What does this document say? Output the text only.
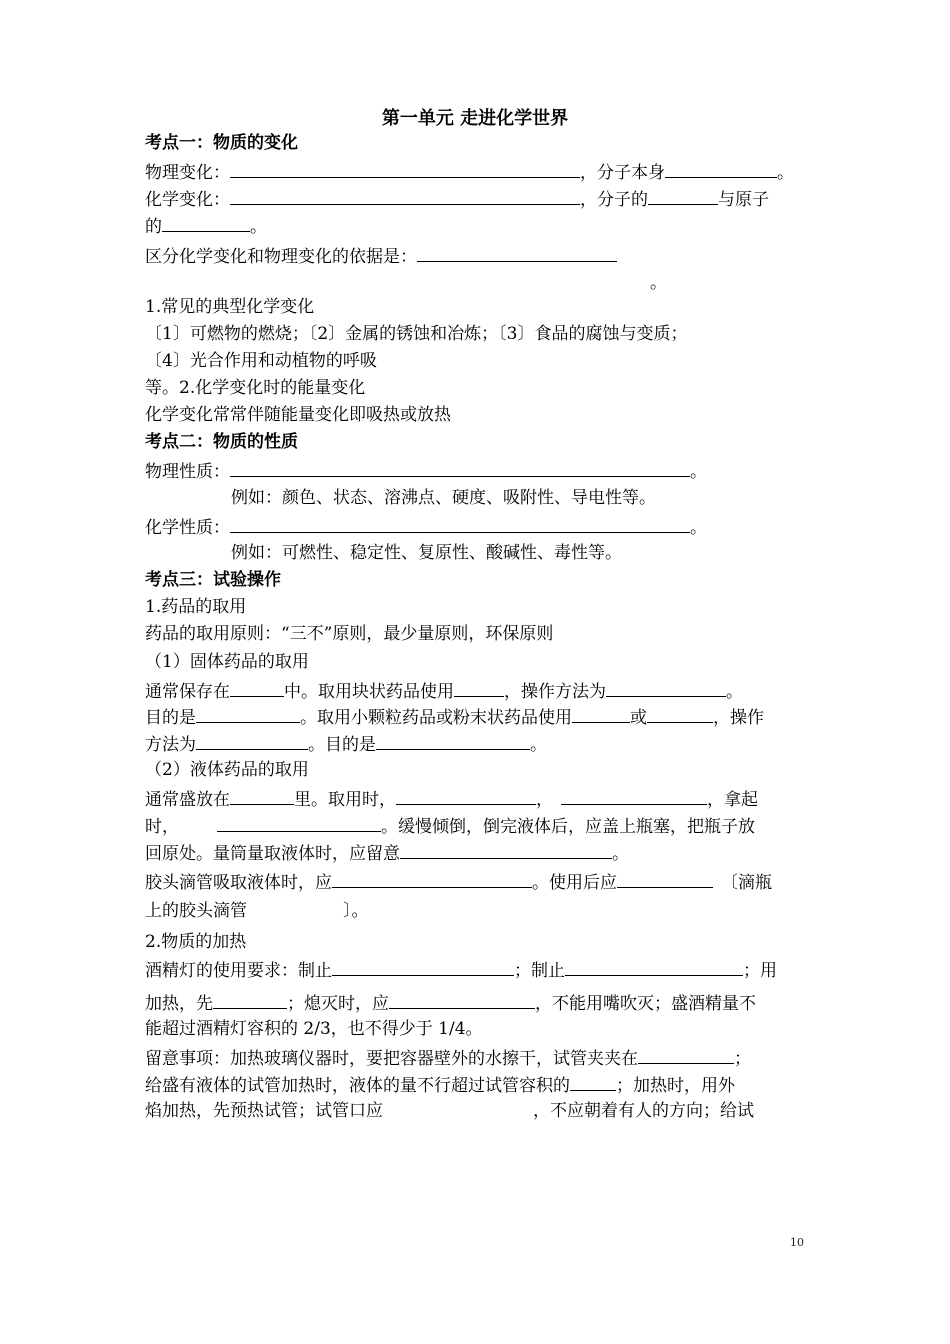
第一单元 走进化学世界
考点一：物质的变化
物理变化：	，分子本身	。
化学变化：	，分子的	与原子
的	。
区分化学变化和物理变化的依据是：
。
1.常见的典型化学变化
〔1〕可燃物的燃烧；〔2〕金属的锈蚀和冶炼；〔3〕食品的腐蚀与变质；
〔4〕光合作用和动植物的呼吸
等。2.化学变化时的能量变化
化学变化常常伴随能量变化即吸热或放热
考点二：物质的性质
物理性质：	。
例如：颜色、状态、溶沸点、硬度、吸附性、导电性等。
化学性质：	。
例如：可燃性、稳定性、复原性、酸碱性、毒性等。
考点三：试验操作
1.药品的取用
药品的取用原则：“三不”原则，最少量原则，环保原则
（1）固体药品的取用
通常保存在	中。取用块状药品使用	，操作方法为	。
目的是	。取用小颗粒药品或粉末状药品使用	或	，操作
方法为	。目的是	。
（2）液体药品的取用
通常盛放在	里。取用时，	，	，拿起
时，	。缓慢倾倒，倒完液体后，应盖上瓶塞，把瓶子放
回原处。量筒量取液体时，应留意	。
胶头滴管吸取液体时，应	。使用后应	〔滴瓶
上的胶头滴管	〕。
2.物质的加热
酒精灯的使用要求：制止	；制止	；用
加热，先	；熄灭时，应	，不能用嘴吹灭；盛酒精量不
能超过酒精灯容积的 2/3，也不得少于 1/4。
留意事项：加热玻璃仪器时，要把容器壁外的水擦干，试管夹夹在	；
给盛有液体的试管加热时，液体的量不行超过试管容积的	；加热时，用外
焰加热，先预热试管；试管口应	，不应朝着有人的方向；给试
10
